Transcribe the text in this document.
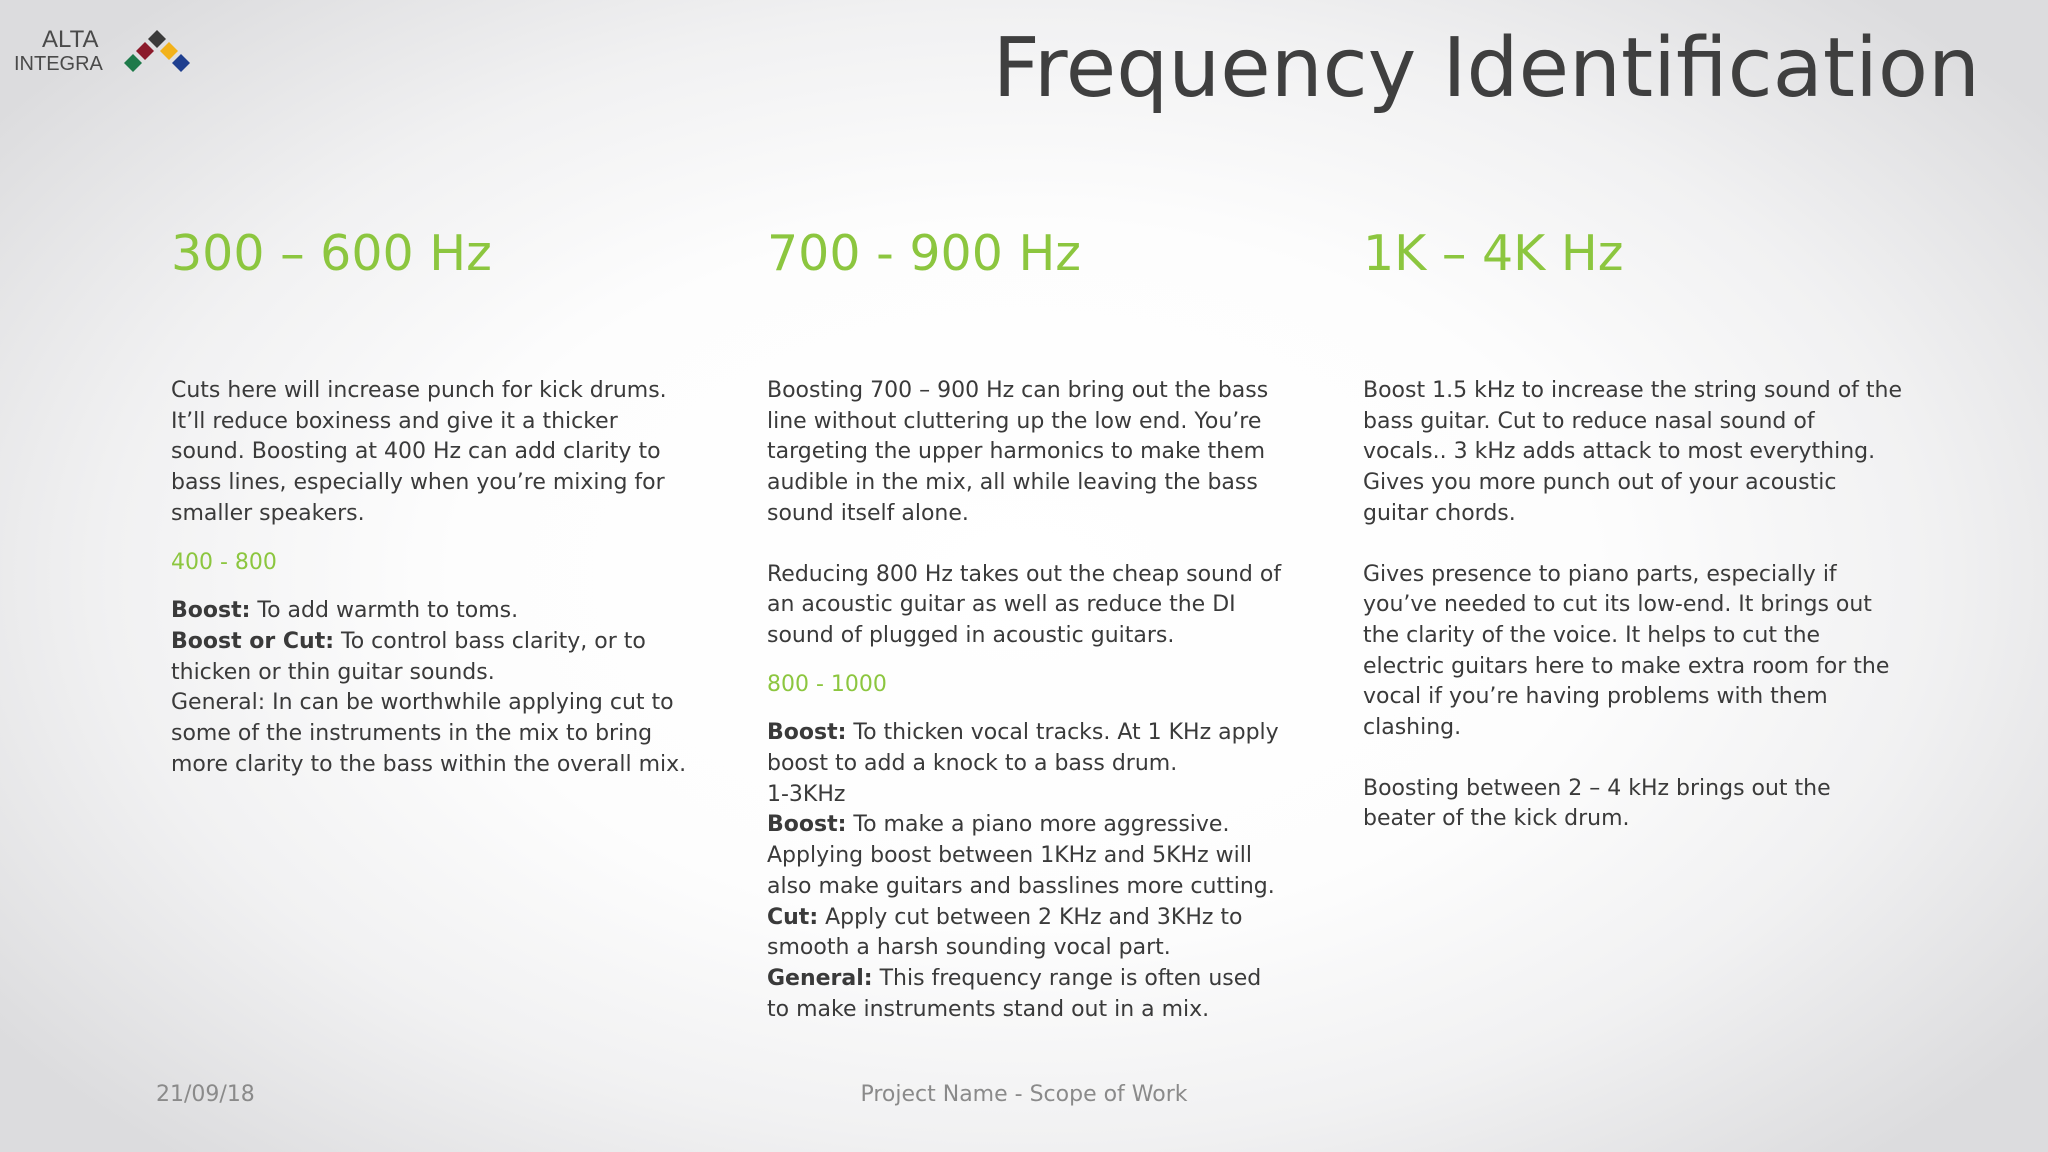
ALTA
INTEGRA	Frequency Identification
300 – 600 Hz

Cuts here will increase punch for kick drums. It’ll reduce boxiness and give it a thicker sound. Boosting at 400 Hz can add clarity to bass lines, especially when you’re mixing for smaller speakers.

400 - 800

Boost: To add warmth to toms.
Boost or Cut: To control bass clarity, or to thicken or thin guitar sounds.
General: In can be worthwhile applying cut to some of the instruments in the mix to bring more clarity to the bass within the overall mix.

700 - 900 Hz

Boosting 700 – 900 Hz can bring out the bass line without cluttering up the low end. You’re targeting the upper harmonics to make them audible in the mix, all while leaving the bass sound itself alone.

Reducing 800 Hz takes out the cheap sound of an acoustic guitar as well as reduce the DI sound of plugged in acoustic guitars.

800 - 1000

Boost: To thicken vocal tracks. At 1 KHz apply boost to add a knock to a bass drum.
1-3KHz
Boost: To make a piano more aggressive. Applying boost between 1KHz and 5KHz will also make guitars and basslines more cutting.
Cut: Apply cut between 2 KHz and 3KHz to smooth a harsh sounding vocal part.
General: This frequency range is often used to make instruments stand out in a mix.

1K – 4K Hz

Boost 1.5 kHz to increase the string sound of the bass guitar. Cut to reduce nasal sound of vocals.. 3 kHz adds attack to most everything. Gives you more punch out of your acoustic guitar chords.

Gives presence to piano parts, especially if you’ve needed to cut its low-end. It brings out the clarity of the voice. It helps to cut the electric guitars here to make extra room for the vocal if you’re having problems with them clashing.

Boosting between 2 – 4 kHz brings out the beater of the kick drum.

Project Name - Scope of Work
21/09/18
